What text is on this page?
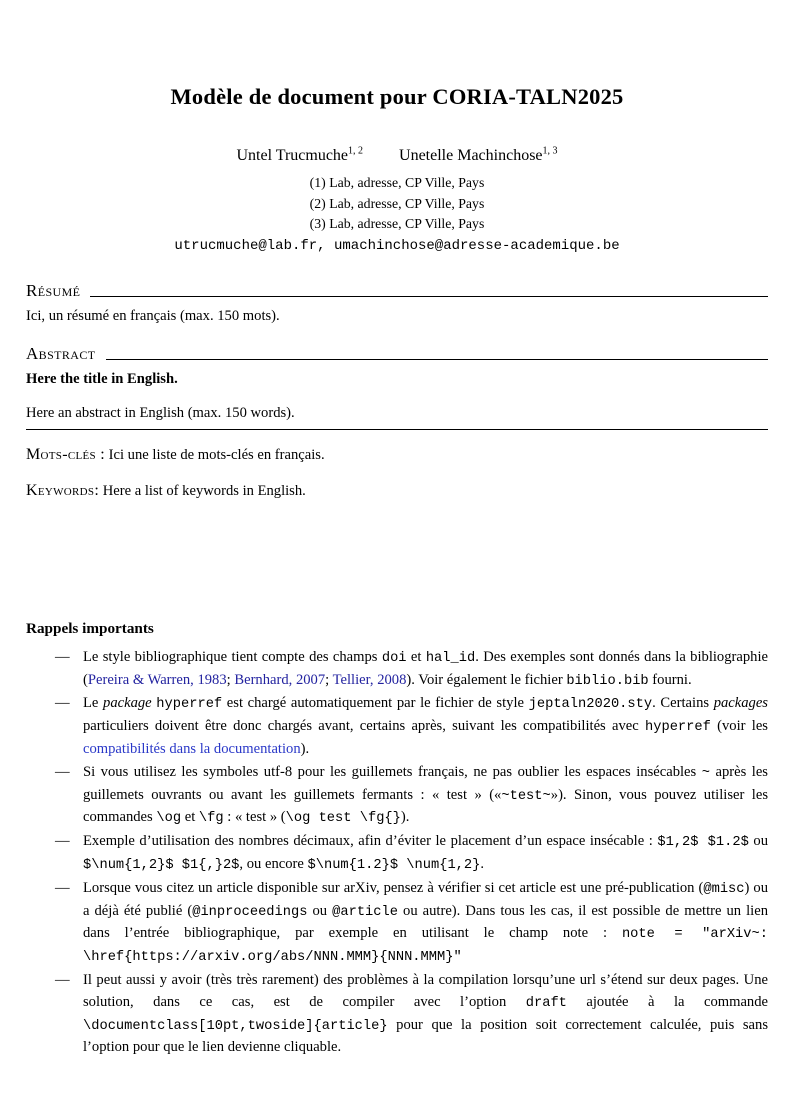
Modèle de document pour CORIA-TALN2025
Untel Trucmuche$^{1, 2}$ Unetelle Machinchose$^{1, 3}$
(1) Lab, adresse, CP Ville, Pays
(2) Lab, adresse, CP Ville, Pays
(3) Lab, adresse, CP Ville, Pays
utrucmuche@lab.fr, umachinchose@adresse-academique.be
Résumé

Ici, un résumé en français (max. 150 mots).

Abstract

Here the title in English.

Here an abstract in English (max. 150 words).

Mots-clés : Ici une liste de mots-clés en français.

Keywords: Here a list of keywords in English.

Rappels importants
— Le style bibliographique tient compte des champs doi et hal_id. Des exemples sont donnés dans la bibliographie (Pereira & Warren, 1983; Bernhard, 2007; Tellier, 2008). Voir également le fichier biblio.bib fourni.
— Le package hyperref est chargé automatiquement par le fichier de style jeptaln2020.sty. Certains packages particuliers doivent être donc chargés avant, certains après, suivant les compatibilités avec hyperref (voir les compatibilités dans la documentation).
— Si vous utilisez les symboles utf-8 pour les guillemets français, ne pas oublier les espaces insécables ~ après les guillemets ouvrants ou avant les guillemets fermants : « test » («~test~»). Sinon, vous pouvez utiliser les commandes \og et \fg : « test » (\og test \fg{}).
— Exemple d’utilisation des nombres décimaux, afin d’éviter le placement d’un espace insécable : $1,2$ $1.2$ ou $\num{1,2}$ $1{,}2$, ou encore $\num{1.2}$ \num{1,2}.
— Lorsque vous citez un article disponible sur arXiv, pensez à vérifier si cet article est une pré-publication (@misc) ou a déjà été publié (@inproceedings ou @article ou autre). Dans tous les cas, il est possible de mettre un lien dans l’entrée bibliographique, par exemple en utilisant le champ note : note = "arXiv~: \href{https://arxiv.org/abs/NNN.MMM}{NNN.MMM}"
— Il peut aussi y avoir (très très rarement) des problèmes à la compilation lorsqu’une url s’étend sur deux pages. Une solution, dans ce cas, est de compiler avec l’option draft ajoutée à la commande \documentclass[10pt,twoside]{article} pour que la position soit correctement calculée, puis sans l’option pour que le lien devienne cliquable.
